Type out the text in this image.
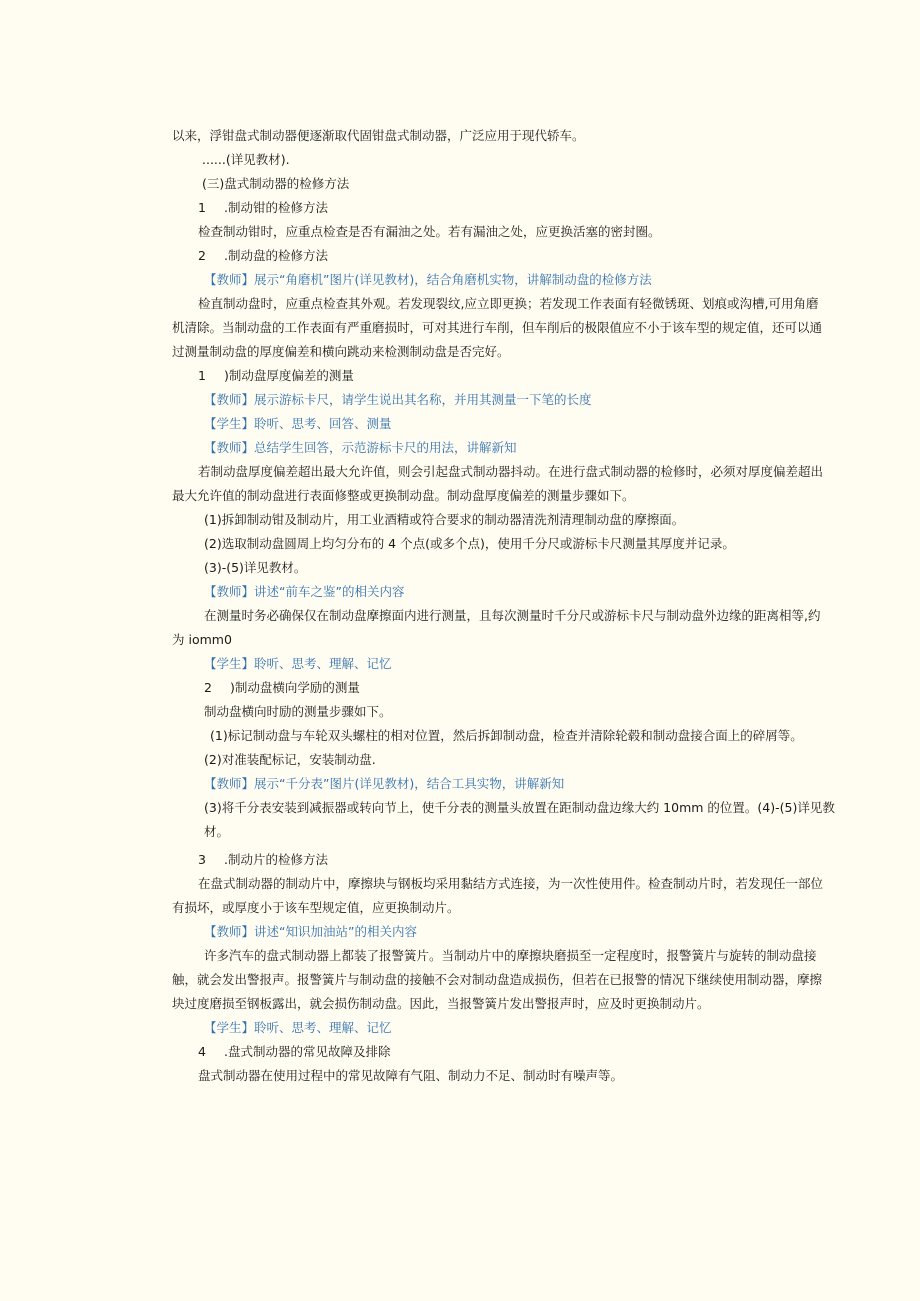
以来，浮钳盘式制动器便逐渐取代固钳盘式制动器，广泛应用于现代轿车。
......(详见教材).
(三)盘式制动器的检修方法
1 .制动钳的检修方法
检查制动钳时，应重点检查是否有漏油之处。若有漏油之处，应更换活塞的密封圈。
2 .制动盘的检修方法
【教师】展示“角磨机”图片(详见教材)，结合角磨机实物，讲解制动盘的检修方法
检直制动盘时，应重点检查其外观。若发现裂纹,应立即更换；若发现工作表面有轻微锈斑、划痕或沟槽,可用角磨
机清除。当制动盘的工作表面有严重磨损时，可对其进行车削，但车削后的极限值应不小于该车型的规定值，还可以通
过测量制动盘的厚度偏差和横向跳动来检测制动盘是否完好。
1 )制动盘厚度偏差的测量
【教师】展示游标卡尺，请学生说出其名称，并用其测量一下笔的长度
【学生】聆听、思考、回答、测量
【教师】总结学生回答，示范游标卡尺的用法，讲解新知
若制动盘厚度偏差超出最大允许值，则会引起盘式制动器抖动。在进行盘式制动器的检修时，必须对厚度偏差超出
最大允许值的制动盘进行表面修整或更换制动盘。制动盘厚度偏差的测量步骤如下。
(1)拆卸制动钳及制动片，用工业酒精或符合要求的制动器清洗剂清理制动盘的摩擦面。
(2)选取制动盘圆周上均匀分布的 4 个点(或多个点)，使用千分尺或游标卡尺测量其厚度并记录。
(3)-(5)详见教材。
【教师】讲述“前车之鉴”的相关内容
在测量时务必确保仅在制动盘摩擦面内进行测量，且每次测量时千分尺或游标卡尺与制动盘外边缘的距离相等,约
为 iomm0
【学生】聆听、思考、理解、记忆
2 )制动盘横向学励的测量
制动盘横向时励的测量步骤如下。
(1)标记制动盘与车轮双头螺柱的相对位置，然后拆卸制动盘，检查并清除轮毂和制动盘接合面上的碎屑等。
(2)对准装配标记，安装制动盘.
【教师】展示“千分表”图片(详见教材)，结合工具实物，讲解新知
(3)将千分表安装到减振器或转向节上，使千分表的测量头放置在距制动盘边缘大约 10mm 的位置。(4)-(5)详见教
材。
3 .制动片的检修方法
在盘式制动器的制动片中，摩擦块与钢板均采用黏结方式连接，为一次性使用件。检查制动片时，若发现任一部位
有损坏，或厚度小于该车型规定值，应更换制动片。
【教师】讲述“知识加油站”的相关内容
许多汽车的盘式制动器上都装了报警簧片。当制动片中的摩擦块磨损至一定程度时，报警簧片与旋转的制动盘接
触，就会发出警报声。报警簧片与制动盘的接触不会对制动盘造成损伤，但若在已报警的情况下继续使用制动器，摩擦
块过度磨损至钢板露出，就会损伤制动盘。因此，当报警簧片发出警报声时，应及时更换制动片。
【学生】聆听、思考、理解、记忆
4 .盘式制动器的常见故障及排除
盘式制动器在使用过程中的常见故障有气阻、制动力不足、制动时有噪声等。
